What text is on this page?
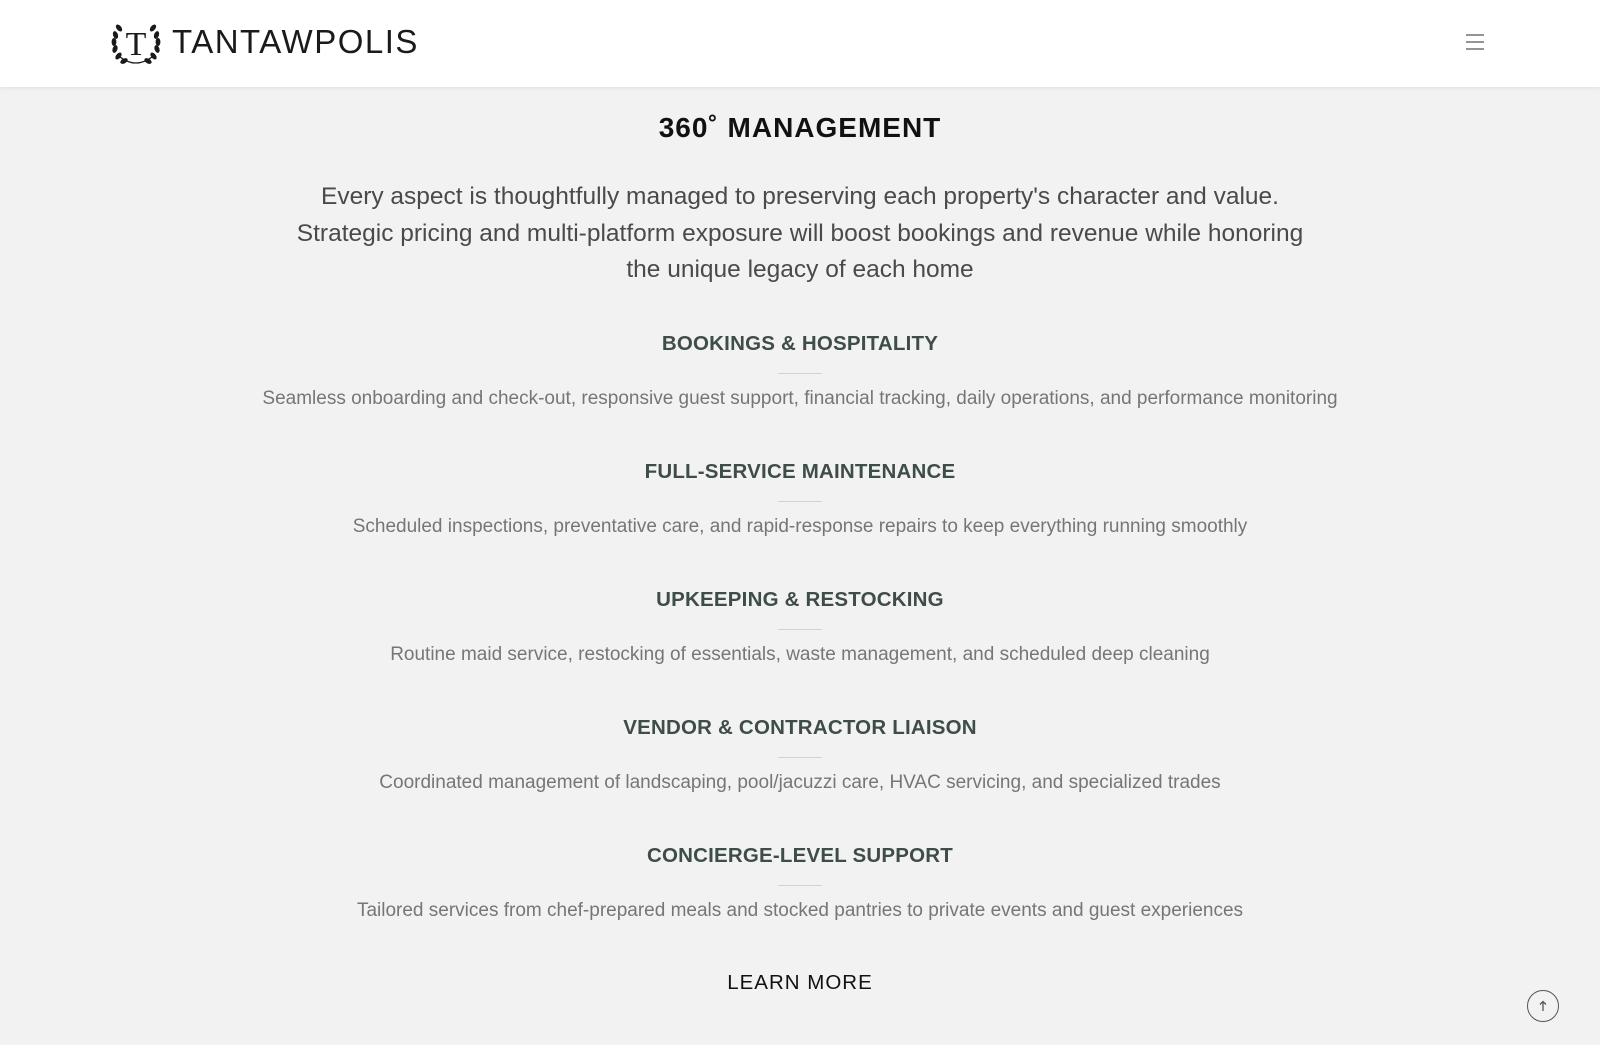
T TANTAWPOLIS
360˚ MANAGEMENT
Every aspect is thoughtfully managed to preserving each property's character and value.
Strategic pricing and multi-platform exposure will boost bookings and revenue while honoring
the unique legacy of each home
BOOKINGS & HOSPITALITY
Seamless onboarding and check-out, responsive guest support, financial tracking, daily operations, and performance monitoring
FULL-SERVICE MAINTENANCE
Scheduled inspections, preventative care, and rapid-response repairs to keep everything running smoothly
UPKEEPING & RESTOCKING
Routine maid service, restocking of essentials, waste management, and scheduled deep cleaning
VENDOR & CONTRACTOR LIAISON
Coordinated management of landscaping, pool/jacuzzi care, HVAC servicing, and specialized trades
CONCIERGE-LEVEL SUPPORT
Tailored services from chef-prepared meals and stocked pantries to private events and guest experiences
LEARN MORE
